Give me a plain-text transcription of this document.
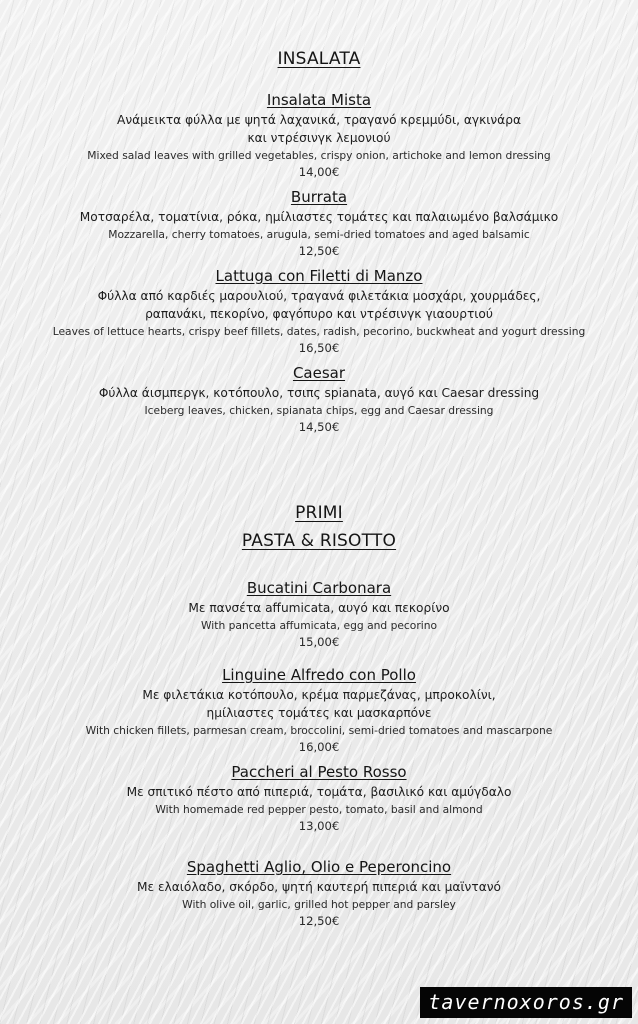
INSALATA
Insalata Mista
Ανάμεικτα φύλλα με ψητά λαχανικά, τραγανό κρεμμύδι, αγκινάρα
και ντρέσινγκ λεμονιού
Mixed salad leaves with grilled vegetables, crispy onion, artichoke and lemon dressing
14,00€
Burrata
Μοτσαρέλα, τοματίνια, ρόκα, ημίλιαστες τομάτες και παλαιωμένο βαλσάμικο
Mozzarella, cherry tomatoes, arugula, semi-dried tomatoes and aged balsamic
12,50€
Lattuga con Filetti di Manzo
Φύλλα από καρδιές μαρουλιού, τραγανά φιλετάκια μοσχάρι, χουρμάδες,
ραπανάκι, πεκορίνο, φαγόπυρο και ντρέσινγκ γιαουρτιού
Leaves of lettuce hearts, crispy beef fillets, dates, radish, pecorino, buckwheat and yogurt dressing
16,50€
Caesar
Φύλλα άισμπεργκ, κοτόπουλο, τσιπς spianata, αυγό και Caesar dressing
Iceberg leaves, chicken, spianata chips, egg and Caesar dressing
14,50€
PRIMI
PASTA & RISOTTO
Bucatini Carbonara
Με πανσέτα affumicata, αυγό και πεκορίνο
With pancetta affumicata, egg and pecorino
15,00€
Linguine Alfredo con Pollo
Με φιλετάκια κοτόπουλο, κρέμα παρμεζάνας, μπροκολίνι,
ημίλιαστες τομάτες και μασκαρπόνε
With chicken fillets, parmesan cream, broccolini, semi-dried tomatoes and mascarpone
16,00€
Paccheri al Pesto Rosso
Με σπιτικό πέστο από πιπεριά, τομάτα, βασιλικό και αμύγδαλο
With homemade red pepper pesto, tomato, basil and almond
13,00€
Spaghetti Aglio, Olio e Peperoncino
Με ελαιόλαδο, σκόρδο, ψητή καυτερή πιπεριά και μαϊντανό
With olive oil, garlic, grilled hot pepper and parsley
12,50€
tavernoxoros.gr
